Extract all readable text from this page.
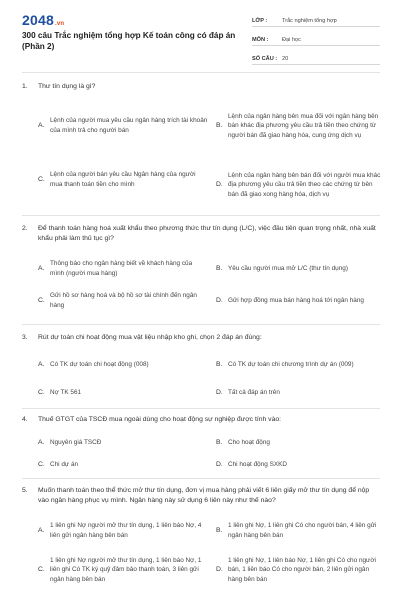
2048.vn
300 câu Trắc nghiệm tổng hợp Kế toán công có đáp án (Phần 2)
LỚP :	Trắc nghiệm tổng hợp
MÔN :	Đại học
SỐ CÂU : 20
1.	Thư tín dụng là gì?
A.
Lệnh của người mua yêu cầu ngân hàng trích tài khoản của mình trả cho người bán
B.
Lệnh của ngân hàng bên mua đối với ngân hàng bên bán khác địa phương yêu cầu trả tiền theo chứng từ người bán đã giao hàng hóa, cung ứng dịch vụ
C.
Lệnh của người bán yêu cầu Ngân hàng của người mua thanh toán tiền cho mình	D.
Lệnh của ngân hàng bên bán đối với người mua khác địa phương yêu cầu trả tiền theo các chứng từ bên bán đã giao xong hàng hóa, dịch vụ
2.	Để thanh toán hàng hoá xuất khẩu theo phương thức thư tín dụng (L/C), việc đầu tiên quan trọng nhất, nhà xuất khẩu phải làm thủ tục gì?
A.
Thông báo cho ngân hàng biết về khách hàng của mình (người mua hàng)
B. Yêu cầu người mua mở L/C (thư tín dụng)
C.
Gửi hồ sơ hàng hoá và bộ hồ sơ tài chính đến ngân hàng
D. Gửi hợp đồng mua bán hàng hoá tới ngân hàng
3.	Rút dự toán chi hoạt động mua vật liệu nhập kho ghi, chọn 2 đáp án đúng:
A. Có TK dự toán chi hoạt động (008)	B. Có TK dự toán chi chương trình dự án (009)
C. Nợ TK 561	D. Tất cả đáp án trên
4.	Thuế GTGT của TSCĐ mua ngoài dùng cho hoạt động sự nghiệp được tính vào:
A. Nguyên giá TSCĐ	B. Cho hoạt động
C. Chi dự án	D. Chi hoạt động SXKD
5.	Muốn thanh toán theo thể thức mở thư tín dụng, đơn vị mua hàng phải viết 6 liên giấy mở thư tín dụng để nộp vào ngân hàng phục vụ mình. Ngân hàng này sử dụng 6 liên này như thế nào?
A.
1 liên ghi Nợ người mở thư tín dụng, 1 liên báo Nợ, 4 liên gửi ngân hàng bên bán
B.
1 liên ghi Nợ, 1 liên ghi Có cho người bán, 4 liên gửi ngân hàng bên bán
C.
1 liên ghi Nợ người mở thư tín dụng, 1 liên báo Nợ, 1 liên ghi Có TK ký quỹ đảm bảo thanh toán, 3 liên gửi ngân hàng bên bán
D.
1 liên ghi Nợ, 1 liên báo Nợ, 1 liên ghi Có cho người bán, 1 liên báo Có cho người bán, 2 liên gửi ngân hàng bên bán
